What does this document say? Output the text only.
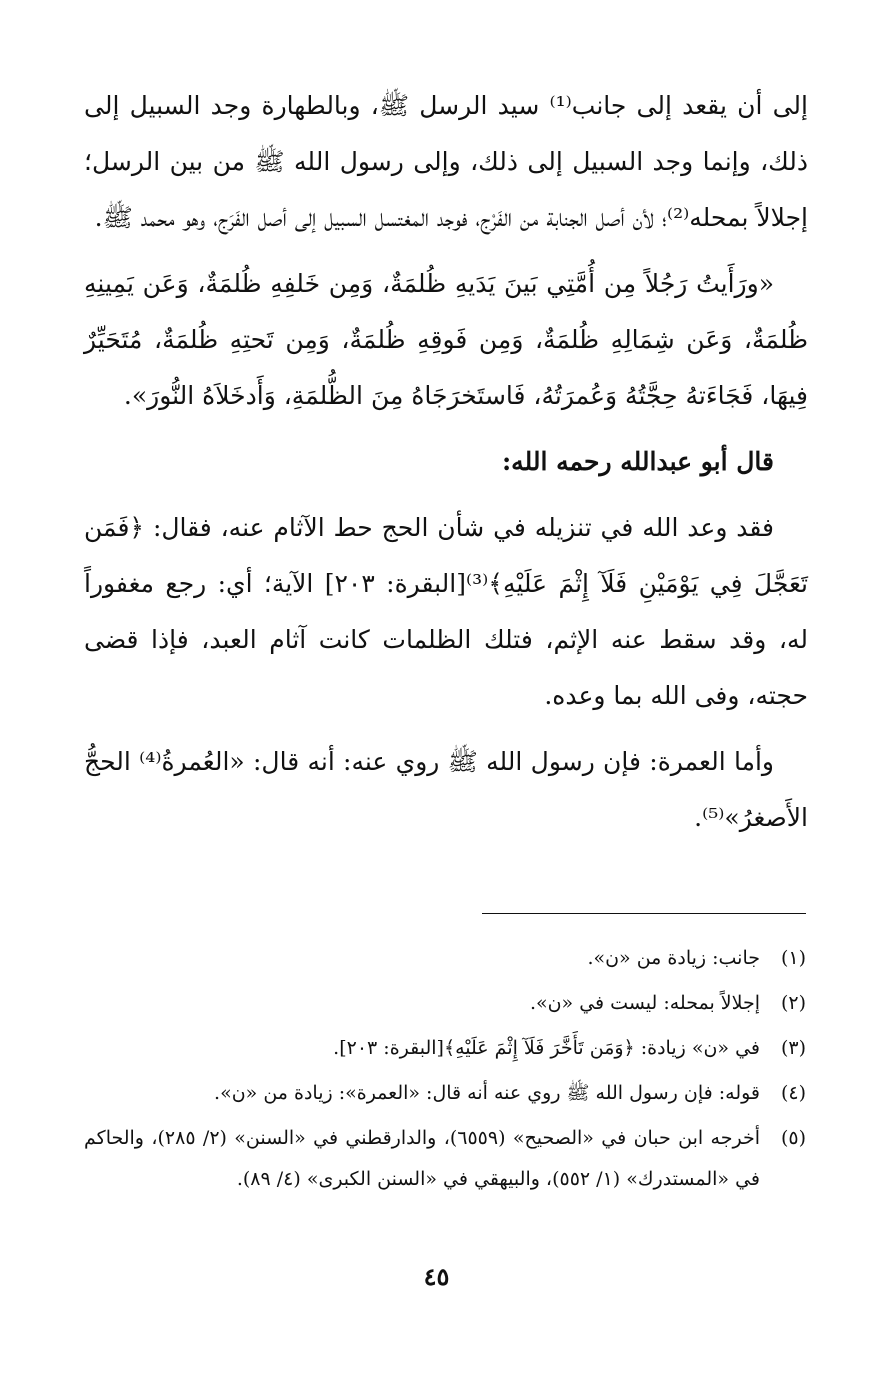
إلى أن يقعد إلى جانب⁽¹⁾ سيد الرسل ﷺ، وبالطهارة وجد السبيل إلى ذلك، وإنما وجد السبيل إلى ذلك، وإلى رسول الله ﷺ من بين الرسل؛ إجلالاً بمحله⁽²⁾؛ لأن أصل الجنابة من الفَرْج، فوجد المغتسل السبيل إلى أصل الفَرَج، وهو محمد ﷺ.

«ورَأَيتُ رَجُلاً مِن أُمَّتِي بَينَ يَدَيهِ ظُلمَةٌ، وَمِن خَلفِهِ ظُلمَةٌ، وَعَن يَمِينِهِ ظُلمَةٌ، وَعَن شِمَالِهِ ظُلمَةٌ، وَمِن فَوقِهِ ظُلمَةٌ، وَمِن تَحتِهِ ظُلمَةٌ، مُتَحَيِّرٌ فِيهَا، فَجَاءَتهُ حِجَّتُهُ وَعُمرَتُهُ، فَاستَخرَجَاهُ مِنَ الظُّلمَةِ، وَأَدخَلاَهُ النُّورَ».

قال أبو عبدالله رحمه الله:

فقد وعد الله في تنزيله في شأن الحج حط الآثام عنه، فقال: ﴿فَمَن تَعَجَّلَ فِي يَوْمَيْنِ فَلَآ إِثْمَ عَلَيْهِ﴾⁽³⁾[البقرة: ٢٠٣] الآية؛ أي: رجع مغفوراً له، وقد سقط عنه الإثم، فتلك الظلمات كانت آثام العبد، فإذا قضى حجته، وفى الله بما وعده.

وأما العمرة: فإن رسول الله ﷺ روي عنه: أنه قال: «العُمرةُ⁽⁴⁾ الحجُّ الأَصغرُ»⁽⁵⁾.

(١)
جانب: زيادة من «ن».
(٢)
إجلالاً بمحله: ليست في «ن».
(٣)
في «ن» زيادة: ﴿وَمَن تَأَخَّرَ فَلَآ إِثْمَ عَلَيْهِ﴾[البقرة: ٢٠٣].
(٤)
قوله: فإن رسول الله ﷺ روي عنه أنه قال: «العمرة»: زيادة من «ن».
(٥)
أخرجه ابن حبان في «الصحيح» (٦٥٥٩)، والدارقطني في «السنن» (٢/ ٢٨٥)، والحاكم في «المستدرك» (١/ ٥٥٢)، والبيهقي في «السنن الكبرى» (٤/ ٨٩).
٤٥
